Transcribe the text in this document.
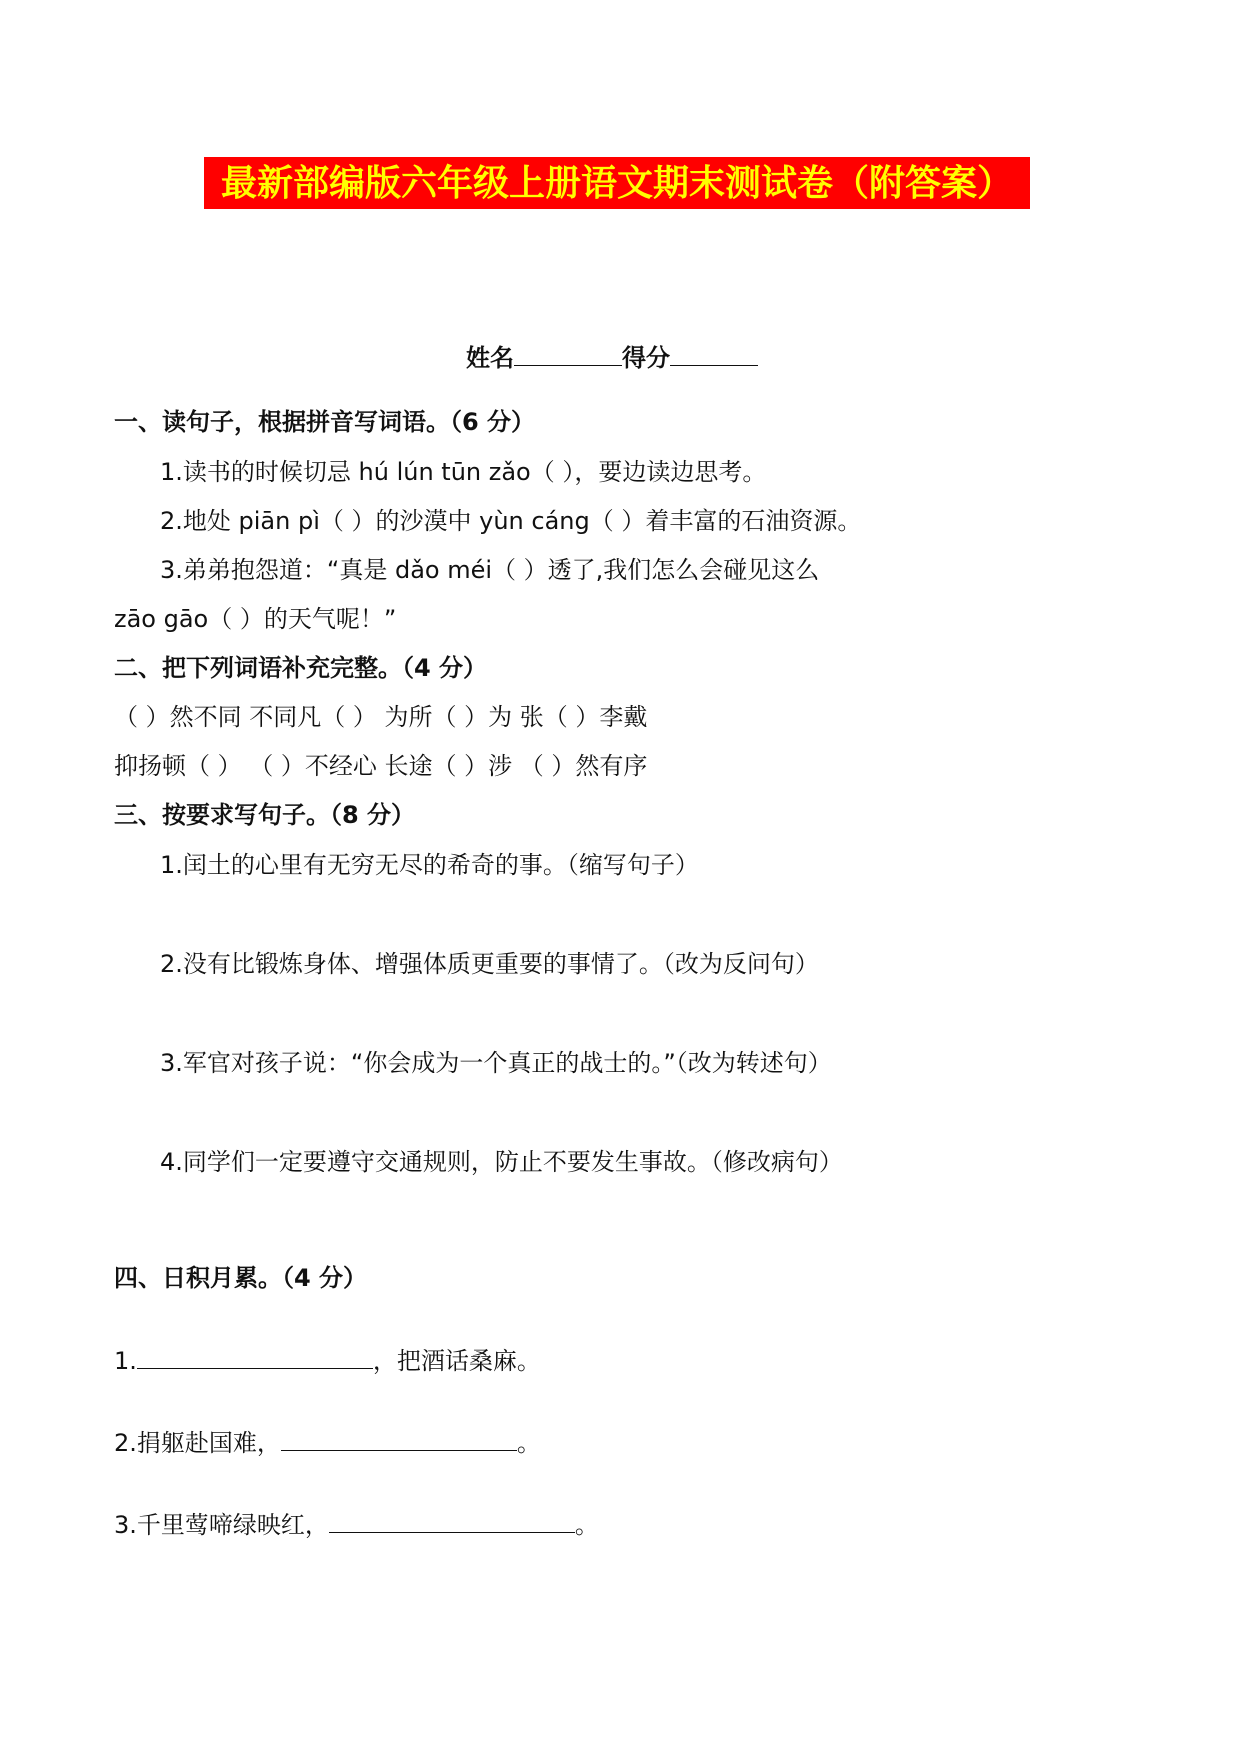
最新部编版六年级上册语文期末测试卷（附答案）
姓名	得分
一、读句子，根据拼音写词语。（6 分）
1.读书的时候切忌 hú lún tūn zǎo（ ），要边读边思考。
2.地处 piān pì（ ）的沙漠中 yùn cáng（ ）着丰富的石油资源。
3.弟弟抱怨道：“真是 dǎo méi（ ）透了,我们怎么会碰见这么
zāo gāo（ ）的天气呢！”
二、把下列词语补充完整。（4 分）
（ ）然不同 不同凡（ ） 为所（ ）为 张（ ）李戴
抑扬顿（ ） （ ）不经心 长途（ ）涉 （ ）然有序
三、按要求写句子。（8 分）
1.闰土的心里有无穷无尽的希奇的事。（缩写句子）
2.没有比锻炼身体、增强体质更重要的事情了。（改为反问句）
3.军官对孩子说：“你会成为一个真正的战士的。”（改为转述句）
4.同学们一定要遵守交通规则，防止不要发生事故。（修改病句）
四、日积月累。（4 分）
1.	，把酒话桑麻。
2.捐躯赴国难，	。
3.千里莺啼绿映红，	。
